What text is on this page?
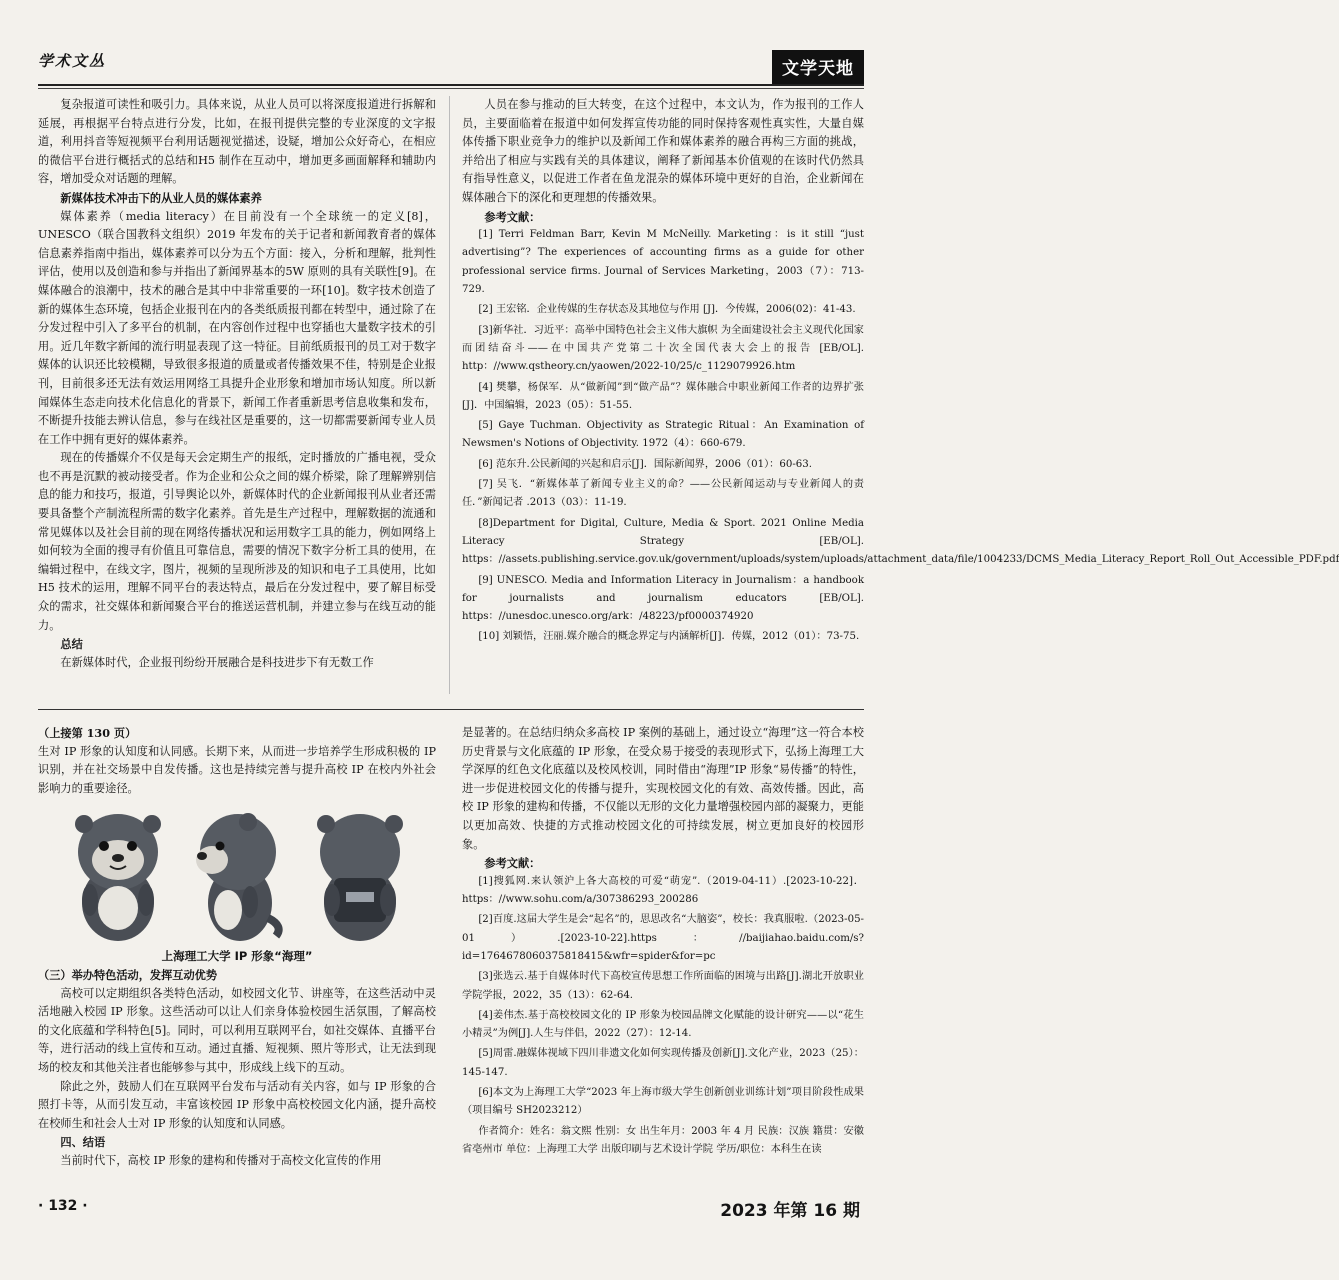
学术文丛	文学天地

复杂报道可读性和吸引力。具体来说，从业人员可以将深度报道进行拆解和延展，再根据平台特点进行分发，比如，在报刊提供完整的专业深度的文字报道，利用抖音等短视频平台利用话题视觉描述，设疑，增加公众好奇心，在相应的微信平台进行概括式的总结和H5 制作在互动中，增加更多画面解释和辅助内容，增加受众对话题的理解。

新媒体技术冲击下的从业人员的媒体素养

媒体素养（media literacy）在目前没有一个全球统一的定义[8]，UNESCO（联合国教科文组织）2019 年发布的关于记者和新闻教育者的媒体信息素养指南中指出，媒体素养可以分为五个方面：接入，分析和理解，批判性评估，使用以及创造和参与并指出了新闻界基本的5W 原则的具有关联性[9]。在媒体融合的浪潮中，技术的融合是其中中非常重要的一环[10]。数字技术创造了新的媒体生态环境，包括企业报刊在内的各类纸质报刊都在转型中，通过除了在分发过程中引入了多平台的机制，在内容创作过程中也穿插也大量数字技术的引用。近几年数字新闻的流行明显表现了这一特征。目前纸质报刊的员工对于数字媒体的认识还比较模糊，导致很多报道的质量或者传播效果不佳，特别是企业报刊，目前很多还无法有效运用网络工具提升企业形象和增加市场认知度。所以新闻媒体生态走向技术化信息化的背景下，新闻工作者重新思考信息收集和发布，不断提升技能去辨认信息，参与在线社区是重要的，这一切都需要新闻专业人员在工作中拥有更好的媒体素养。

现在的传播媒介不仅是每天会定期生产的报纸，定时播放的广播电视，受众也不再是沉默的被动接受者。作为企业和公众之间的媒介桥梁，除了理解辨别信息的能力和技巧，报道，引导舆论以外，新媒体时代的企业新闻报刊从业者还需要具备整个产制流程所需的数字化素养。首先是生产过程中，理解数据的流通和常见媒体以及社会目前的现在网络传播状况和运用数字工具的能力，例如网络上如何较为全面的搜寻有价值且可靠信息，需要的情况下数字分析工具的使用，在编辑过程中，在线文字，图片，视频的呈现所涉及的知识和电子工具使用，比如H5 技术的运用，理解不同平台的表达特点，最后在分发过程中，要了解目标受众的需求，社交媒体和新闻聚合平台的推送运营机制，并建立参与在线互动的能力。

总结

在新媒体时代，企业报刊纷纷开展融合是科技进步下有无数工作

人员在参与推动的巨大转变，在这个过程中，本文认为，作为报刊的工作人员，主要面临着在报道中如何发挥宣传功能的同时保持客观性真实性，大量自媒体传播下职业竞争力的维护以及新闻工作和媒体素养的融合再构三方面的挑战，并给出了相应与实践有关的具体建议，阐释了新闻基本价值观的在该时代仍然具有指导性意义，以促进工作者在鱼龙混杂的媒体环境中更好的自治，企业新闻在媒体融合下的深化和更理想的传播效果。

参考文献：

[1] Terri Feldman Barr, Kevin M McNeilly. Marketing：is it still “just advertising”? The experiences of accounting firms as a guide for other professional service firms. Journal of Services Marketing，2003（7）：713-729.

[2] 王宏铭．企业传媒的生存状态及其地位与作用 [J]．今传媒，2006(02)：41-43.

[3]新华社．习近平：高举中国特色社会主义伟大旗帜 为全面建设社会主义现代化国家而团结奋斗——在中国共产党第二十次全国代表大会上的报告 [EB/OL]. http：//www.qstheory.cn/yaowen/2022-10/25/c_1129079926.htm

[4] 樊攀，杨保军．从“做新闻”到“做产品”？媒体融合中职业新闻工作者的边界扩张 [J]．中国编辑，2023（05）：51-55.

[5] Gaye Tuchman. Objectivity as Strategic Ritual：An Examination of Newsmen's Notions of Objectivity. 1972（4）：660-679.

[6] 范东升.公民新闻的兴起和启示[J]．国际新闻界，2006（01）：60-63.

[7] 吴飞．“新媒体革了新闻专业主义的命？——公民新闻运动与专业新闻人的责任．”新闻记者 .2013（03）：11-19.

[8]Department for Digital, Culture, Media & Sport. 2021 Online Media Literacy Strategy [EB/OL]. https：//assets.publishing.service.gov.uk/government/uploads/system/uploads/attachment_data/file/1004233/DCMS_Media_Literacy_Report_Roll_Out_Accessible_PDF.pdf

[9] UNESCO. Media and Information Literacy in Journalism：a handbook for journalists and journalism educators [EB/OL]. https：//unesdoc.unesco.org/ark：/48223/pf0000374920

[10] 刘颖悟，汪丽.媒介融合的概念界定与内涵解析[J]．传媒，2012（01）：73-75.

（上接第 130 页）

生对 IP 形象的认知度和认同感。长期下来，从而进一步培养学生形成积极的 IP 识别，并在社交场景中自发传播。这也是持续完善与提升高校 IP 在校内外社会影响力的重要途径。

上海理工大学 IP 形象“海理”

（三）举办特色活动，发挥互动优势

高校可以定期组织各类特色活动，如校园文化节、讲座等，在这些活动中灵活地融入校园 IP 形象。这些活动可以让人们亲身体验校园生活氛围，了解高校的文化底蕴和学科特色[5]。同时，可以利用互联网平台，如社交媒体、直播平台等，进行活动的线上宣传和互动。通过直播、短视频、照片等形式，让无法到现场的校友和其他关注者也能够参与其中，形成线上线下的互动。

除此之外，鼓励人们在互联网平台发布与活动有关内容，如与 IP 形象的合照打卡等，从而引发互动，丰富该校园 IP 形象中高校校园文化内涵，提升高校在校师生和社会人士对 IP 形象的认知度和认同感。

四、结语

当前时代下，高校 IP 形象的建构和传播对于高校文化宣传的作用

是显著的。在总结归纳众多高校 IP 案例的基础上，通过设立“海理”这一符合本校历史背景与文化底蕴的 IP 形象，在受众易于接受的表现形式下，弘扬上海理工大学深厚的红色文化底蕴以及校风校训，同时借由“海理”IP 形象“易传播”的特性，进一步促进校园文化的传播与提升，实现校园文化的有效、高效传播。因此，高校 IP 形象的建构和传播，不仅能以无形的文化力量增强校园内部的凝聚力，更能以更加高效、快捷的方式推动校园文化的可持续发展，树立更加良好的校园形象。

参考文献：

[1]搜狐网.来认领沪上各大高校的可爱“萌宠”.（2019-04-11）.[2023-10-22]．https：//www.sohu.com/a/307386293_200286

[2]百度.这届大学生是会“起名”的，思思改名“大脑姿”，校长：我真服啦.（2023-05-01）.[2023-10-22].https：//baijiahao.baidu.com/s?id=1764678060375818415&wfr=spider&for=pc

[3]张选云.基于自媒体时代下高校宣传思想工作所面临的困境与出路[J].湖北开放职业学院学报，2022，35（13）：62-64.

[4]姜伟杰.基于高校校园文化的 IP 形象为校园品牌文化赋能的设计研究——以“花生小精灵”为例[J].人生与伴侣，2022（27）：12-14.

[5]周雷.融媒体视域下四川非遗文化如何实现传播及创新[J].文化产业，2023（25）：145-147.

[6]本文为上海理工大学“2023 年上海市级大学生创新创业训练计划”项目阶段性成果（项目编号 SH2023212）

作者简介：姓名：翁文熙 性别：女 出生年月：2003 年 4 月 民族：汉族 籍贯：安徽省亳州市 单位：上海理工大学 出版印刷与艺术设计学院 学历/职位：本科生在读

· 132 ·	2023 年第 16 期
